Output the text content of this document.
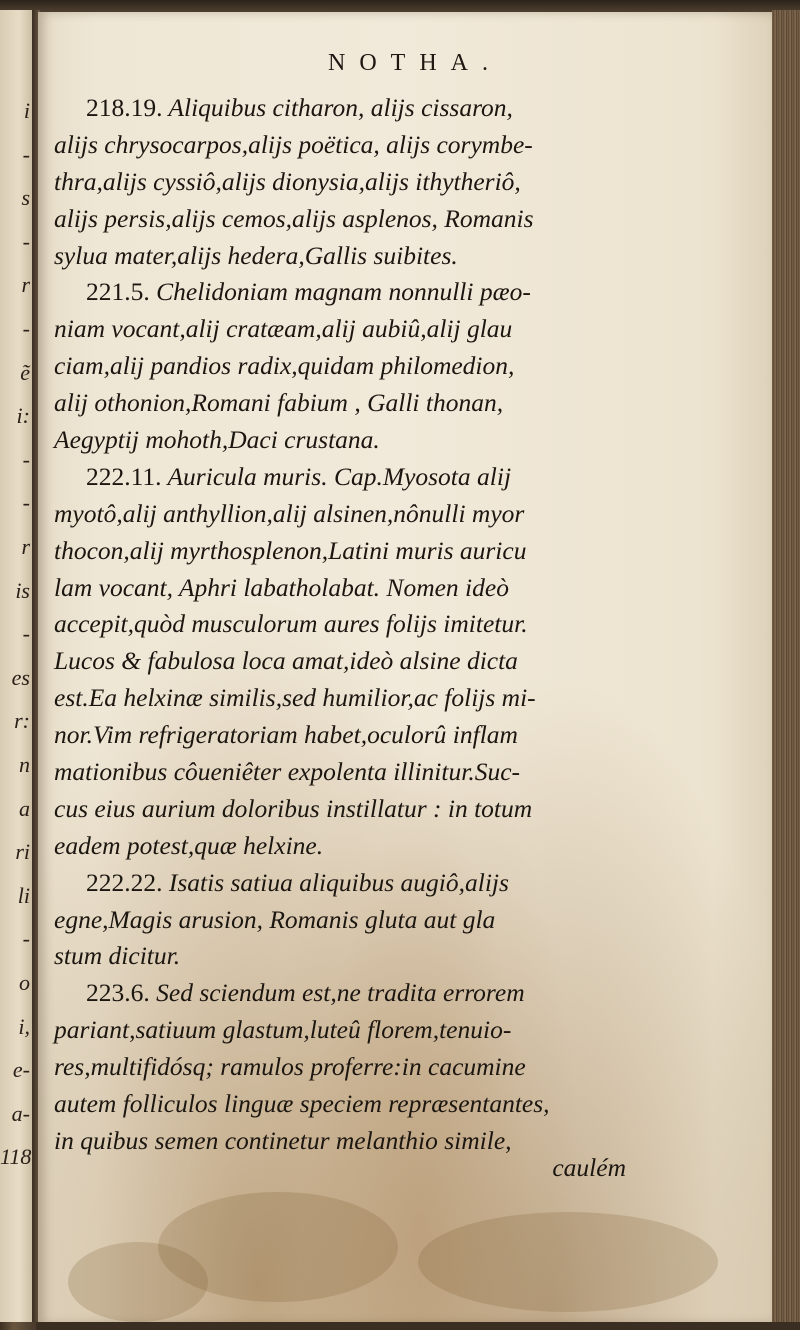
i
-
s
-
r
-
ẽ
i:
-
-
r
is
-
es
r:
n
a
ri
li
-
o
i,
e-
a-
118
NOTHA.
218.19. Aliquibus citharon, alijs cissaron,
alijs chrysocarpos,alijs poëtica, alijs corymbe-
thra,alijs cyssiô,alijs dionysia,alijs ithytheriô,
alijs persis,alijs cemos,alijs asplenos, Romanis
sylua mater,alijs hedera,Gallis suibites.
221.5. Chelidoniam magnam nonnulli pæo-
niam vocant,alij cratæam,alij aubiû,alij glau
ciam,alij pandios radix,quidam philomedion,
alij othonion,Romani fabium , Galli thonan,
Aegyptij mohoth,Daci crustana.
222.11. Auricula muris. Cap.Myosota alij
myotô,alij anthyllion,alij alsinen,nônulli myor
thocon,alij myrthosplenon,Latini muris auricu
lam vocant, Aphri labatholabat. Nomen ideò
accepit,quòd musculorum aures folijs imitetur.
Lucos & fabulosa loca amat,ideò alsine dicta
est.Ea helxinæ similis,sed humilior,ac folijs mi-
nor.Vim refrigeratoriam habet,oculorû inflam
mationibus côueniêter expolenta illinitur.Suc-
cus eius aurium doloribus instillatur : in totum
eadem potest,quæ helxine.
222.22. Isatis satiua aliquibus augiô,alijs
egne,Magis arusion, Romanis gluta aut gla
stum dicitur.
223.6. Sed sciendum est,ne tradita errorem
pariant,satiuum glastum,luteû florem,tenuio-
res,multifidósq; ramulos proferre:in cacumine
autem folliculos linguæ speciem repræsentantes,
in quibus semen continetur melanthio simile,
caulém
